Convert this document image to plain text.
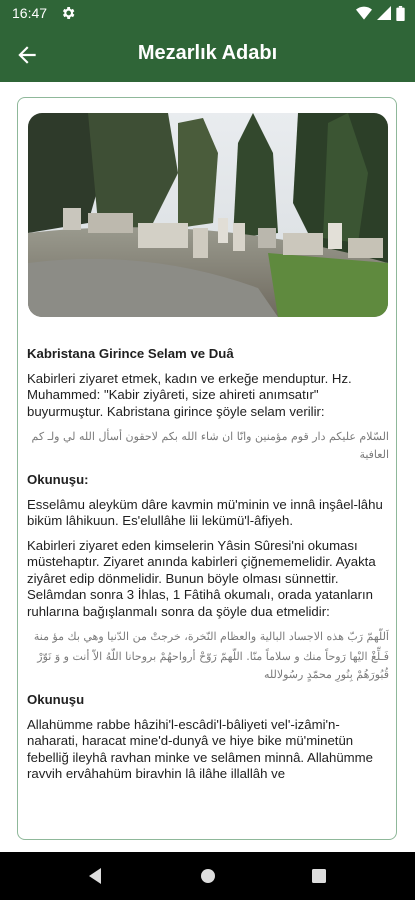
16:47
Mezarlık Adabı

Kabristana Girince Selam ve Duâ

Kabirleri ziyaret etmek, kadın ve erkeğe menduptur. Hz. Muhammed: "Kabir ziyâreti, size ahireti anımsatır" buyurmuştur. Kabristana girince şöyle selam verilir:

السّلام عليكم دار قوم مؤمنين وانّا ان شاء الله بكم لاحقون أسأل الله لي ولـ كم العافية

Okunuşu:

Esselâmu aleyküm dâre kavmin mü'minin ve innâ inşâel-lâhu biküm lâhikuun. Es'elullâhe lii lekümü'l-âfiyeh.

Kabirleri ziyaret eden kimselerin Yâsin Sûresi'ni okuması müstehaptır. Ziyaret anında kabirleri çiğnememelidir. Ayakta ziyâret edip dönmelidir. Bunun böyle olması sünnettir. Selâmdan sonra 3 İhlas, 1 Fâtihâ okumalı, orada yatanların ruhlarına bağışlanmalı sonra da şöyle dua etmelidir:

اَللّهمّ رَبّ هذه الاجساد البالية والعظام النّخرة، خرجتْ من الدّنيا وهي بك مؤ منة

فَـلِّغْ اليْها رَوحاً منك و سلاماً منّا. اللّهمّ رَوّحْ أرواحهُمْ بروحانا اللّهُ الاّ أنت و وَ نَوّرْ قُبُورَهُمْ بِنُورِ محمّدٍ رسُولالله

Okunuşu

Allahümme rabbe hâzihi'l-escâdi'l-bâliyeti vel'-izâmi'n-naharati, haracat mine'd-dunyâ ve hiye bike mü'minetün febelliğ ileyhâ ravhan minke ve selâmen minnâ. Allahümme ravvih ervâhahüm biravhin lâ ilâhe illallâh ve
